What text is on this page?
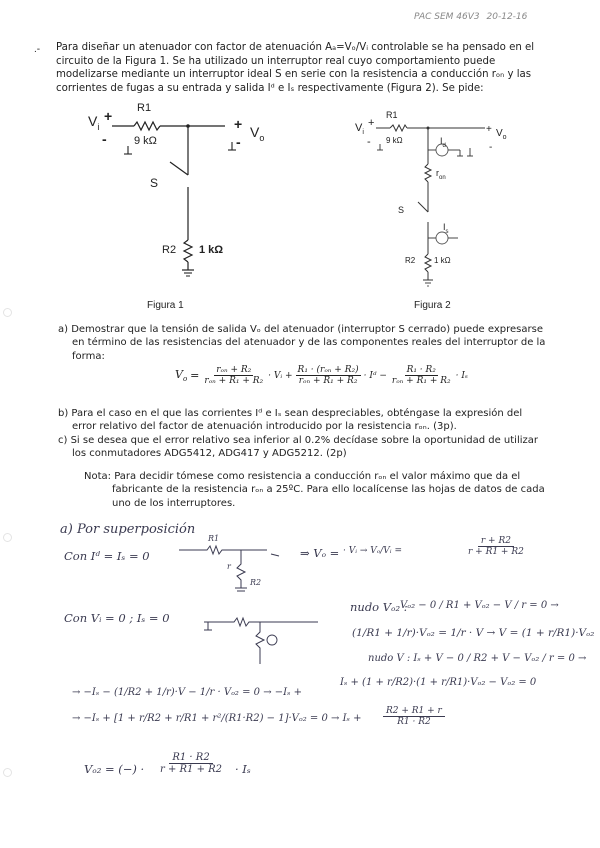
PAC SEM 46V3 20-12-16
.- Para diseñar un atenuador con factor de atenuación Aₐ=Vₒ/Vᵢ controlable se ha pensado en el
circuito de la Figura 1. Se ha utilizado un interruptor real cuyo comportamiento puede
modelizarse mediante un interruptor ideal S en serie con la resistencia a conducción rₒₙ y las
corrientes de fugas a su entrada y salida Iᵈ e Iₛ respectivamente (Figura 2). Se pide:
$V_i$
+
-
R1
9 kΩ
+ $V_o$
-
S
R2 1 kΩ
Figura 1
$V_i$
+
-
R1
9 kΩ
+ $V_o$
-
$I_d$
$r_{on}$
S
$I_s$
R2 1 kΩ
Figura 2
a) Demostrar que la tensión de salida Vₒ del atenuador (interruptor S cerrado) puede expresarse
en término de las resistencias del atenuador y de las componentes reales del interruptor de la
forma:
$V_o = r_{on} + R_2$
rₒₙ + R₁ + R₂
· Vᵢ +
R₁ · (rₒₙ + R₂)
rₒₙ + R₁ + R₂
· Iᵈ −
R₁ · R₂
rₒₙ + R₁ + R₂
· Iₛ
b) Para el caso en el que las corrientes Iᵈ e Iₛ sean despreciables, obténgase la expresión del
error relativo del factor de atenuación introducido por la resistencia rₒₙ. (3p).
c) Si se desea que el error relativo sea inferior al 0.2% decídase sobre la oportunidad de utilizar
los conmutadores ADG5412, ADG417 y ADG5212. (2p)
Nota: Para decidir tómese como resistencia a conducción rₒₙ el valor máximo que da el
fabricante de la resistencia rₒₙ a 25ºC. Para ello localícense las hojas de datos de cada
uno de los interruptores.
a) Por superposición
Con Iᵈ = Iₛ = 0
R1
r
R2
⇒ Vₒ = · Vᵢ → Vₒ/Vᵢ =
r + R2
r + R1 + R2
Con Vᵢ = 0 ; Iₛ = 0
nudo Vₒ₂ :
Vₒ₂ − 0 / R1 + Vₒ₂ − V / r = 0 →
(1/R1 + 1/r)·Vₒ₂ = 1/r · V → V = (1 + r/R1)·Vₒ₂
nudo V : Iₛ + V − 0 / R2 + V − Vₒ₂ / r = 0 →
Iₛ + (1 + r/R2)·(1 + r/R1)·Vₒ₂ − Vₒ₂ = 0
→ −Iₛ − (1/R2 + 1/r)·V − 1/r · Vₒ₂ = 0 → −Iₛ +
→ −Iₛ + [1 + r/R2 + r/R1 + r²/(R1·R2) − 1]·Vₒ₂ = 0 → Iₛ +
R2 + R1 + r
R1 · R2
Vₒ₂ = (−) ·
R1 · R2
r + R1 + R2 · Iₛ
